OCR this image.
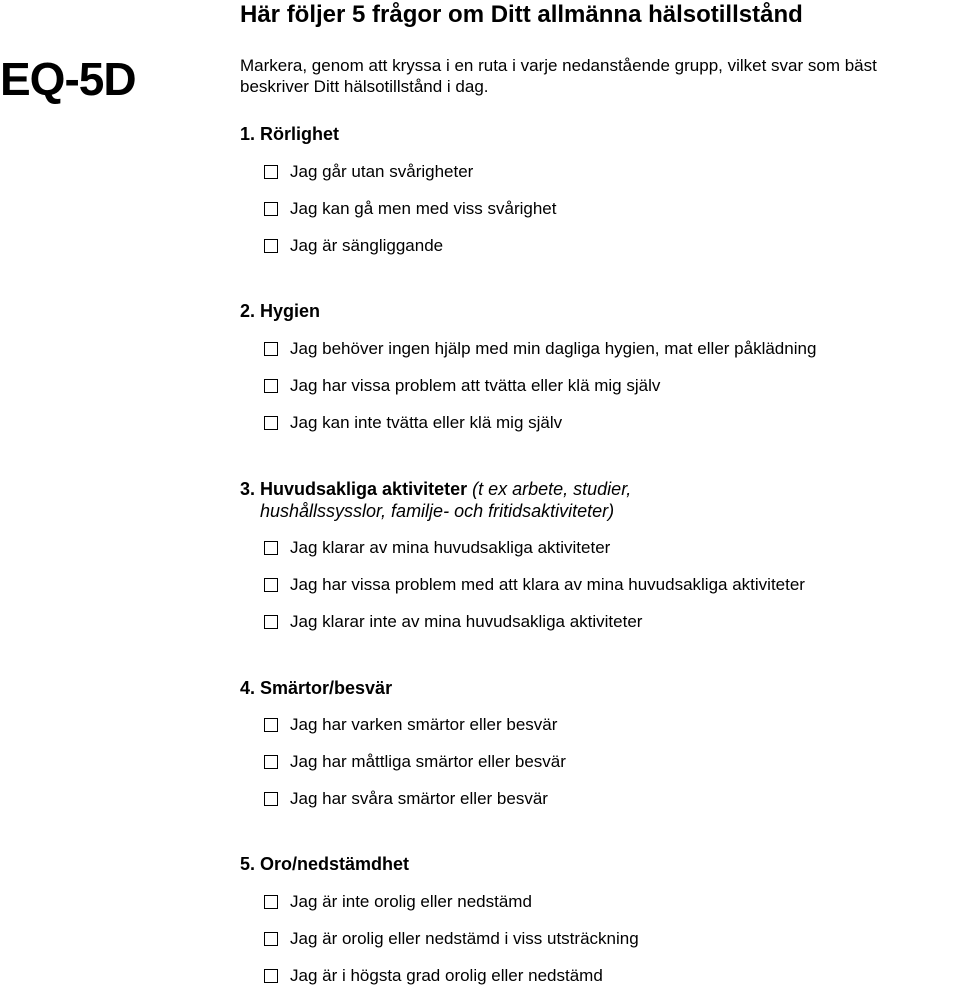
EQ-5D
Här följer 5 frågor om Ditt allmänna hälsotillstånd
Markera, genom att kryssa i en ruta i varje nedanstående grupp, vilket svar som bäst
beskriver Ditt hälsotillstånd i dag.
1. Rörlighet
Jag går utan svårigheter
Jag kan gå men med viss svårighet
Jag är sängliggande
2. Hygien
Jag behöver ingen hjälp med min dagliga hygien, mat eller påklädning
Jag har vissa problem att tvätta eller klä mig själv
Jag kan inte tvätta eller klä mig själv
3. Huvudsakliga aktiviteter (t ex arbete, studier,
hushållssysslor, familje- och fritidsaktiviteter)
Jag klarar av mina huvudsakliga aktiviteter
Jag har vissa problem med att klara av mina huvudsakliga aktiviteter
Jag klarar inte av mina huvudsakliga aktiviteter
4. Smärtor/besvär
Jag har varken smärtor eller besvär
Jag har måttliga smärtor eller besvär
Jag har svåra smärtor eller besvär
5. Oro/nedstämdhet
Jag är inte orolig eller nedstämd
Jag är orolig eller nedstämd i viss utsträckning
Jag är i högsta grad orolig eller nedstämd
